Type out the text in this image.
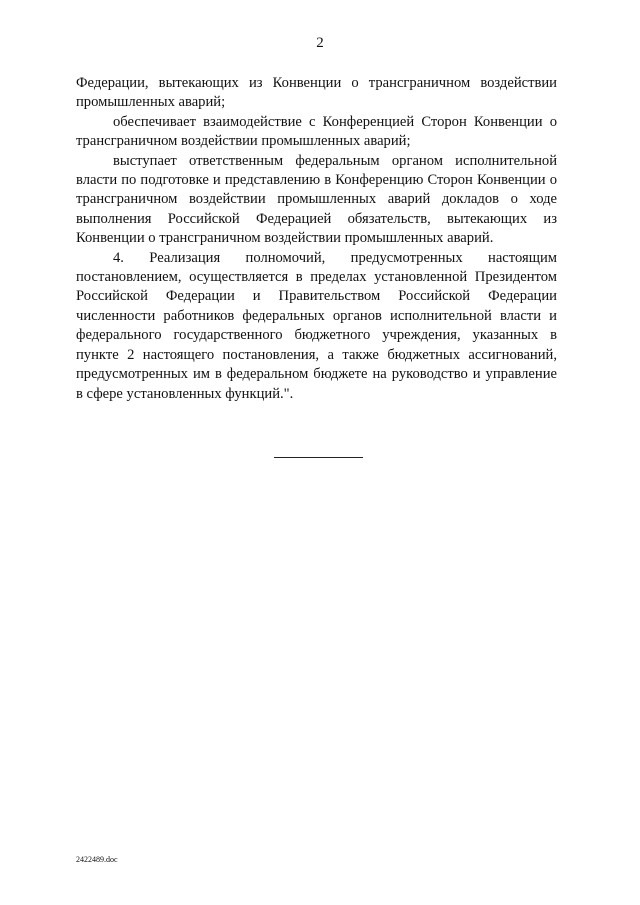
2

Федерации, вытекающих из Конвенции о трансграничном воздействии промышленных аварий;

обеспечивает взаимодействие с Конференцией Сторон Конвенции о трансграничном воздействии промышленных аварий;

выступает ответственным федеральным органом исполнительной власти по подготовке и представлению в Конференцию Сторон Конвенции о трансграничном воздействии промышленных аварий докладов о ходе выполнения Российской Федерацией обязательств, вытекающих из Конвенции о трансграничном воздействии промышленных аварий.

4. Реализация полномочий, предусмотренных настоящим постановлением, осуществляется в пределах установленной Президентом Российской Федерации и Правительством Российской Федерации численности работников федеральных органов исполнительной власти и федерального государственного бюджетного учреждения, указанных в пункте 2 настоящего постановления, а также бюджетных ассигнований, предусмотренных им в федеральном бюджете на руководство и управление в сфере установленных функций.".

2422489.doc
